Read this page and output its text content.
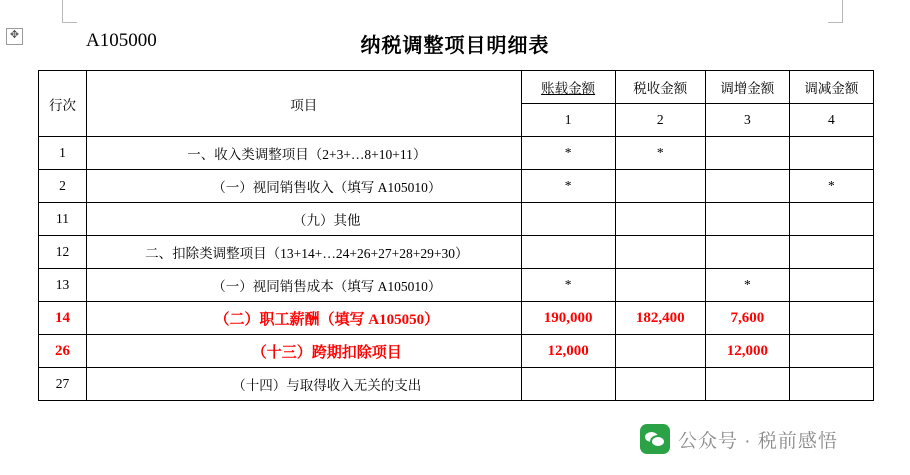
✥	A105000	纳税调整项目明细表
行次	项目	账载金额	税收金额	调增金额	调减金额
		1	2	3	4
1	一、收入类调整项目（2+3+…8+10+11）	*	*		
2	（一）视同销售收入（填写 A105010）	*			*
11	（九）其他				
12	二、扣除类调整项目（13+14+…24+26+27+28+29+30）				
13	（一）视同销售成本（填写 A105010）	*		*	
14	（二）职工薪酬（填写 A105050）	190,000	182,400	7,600	
26	（十三）跨期扣除项目	12,000		12,000	
27	（十四）与取得收入无关的支出				
公众号 · 税前感悟
